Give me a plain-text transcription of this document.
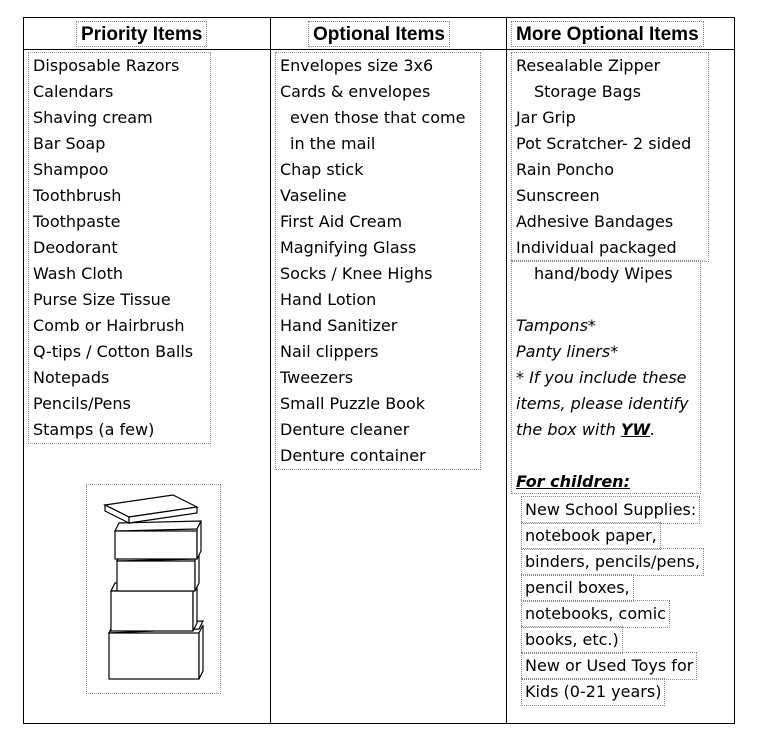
Priority Items	Optional Items	More Optional Items
Disposable Razors
Calendars
Shaving cream
Bar Soap
Shampoo
Toothbrush
Toothpaste
Deodorant
Wash Cloth
Purse Size Tissue
Comb or Hairbrush
Q-tips / Cotton Balls
Notepads
Pencils/Pens
Stamps (a few)
Envelopes size 3x6
Cards & envelopes
even those that come
in the mail
Chap stick
Vaseline
First Aid Cream
Magnifying Glass
Socks / Knee Highs
Hand Lotion
Hand Sanitizer
Nail clippers
Tweezers
Small Puzzle Book
Denture cleaner
Denture container
Resealable Zipper
Storage Bags
Jar Grip
Pot Scratcher- 2 sided
Rain Poncho
Sunscreen
Adhesive Bandages
Individual packaged
hand/body Wipes
Tampons*
Panty liners*
* If you include these
items, please identify
the box with YW.
For children:
New School Supplies:
notebook paper,
binders, pencils/pens,
pencil boxes,
notebooks, comic
books, etc.)
New or Used Toys for
Kids (0-21 years)
